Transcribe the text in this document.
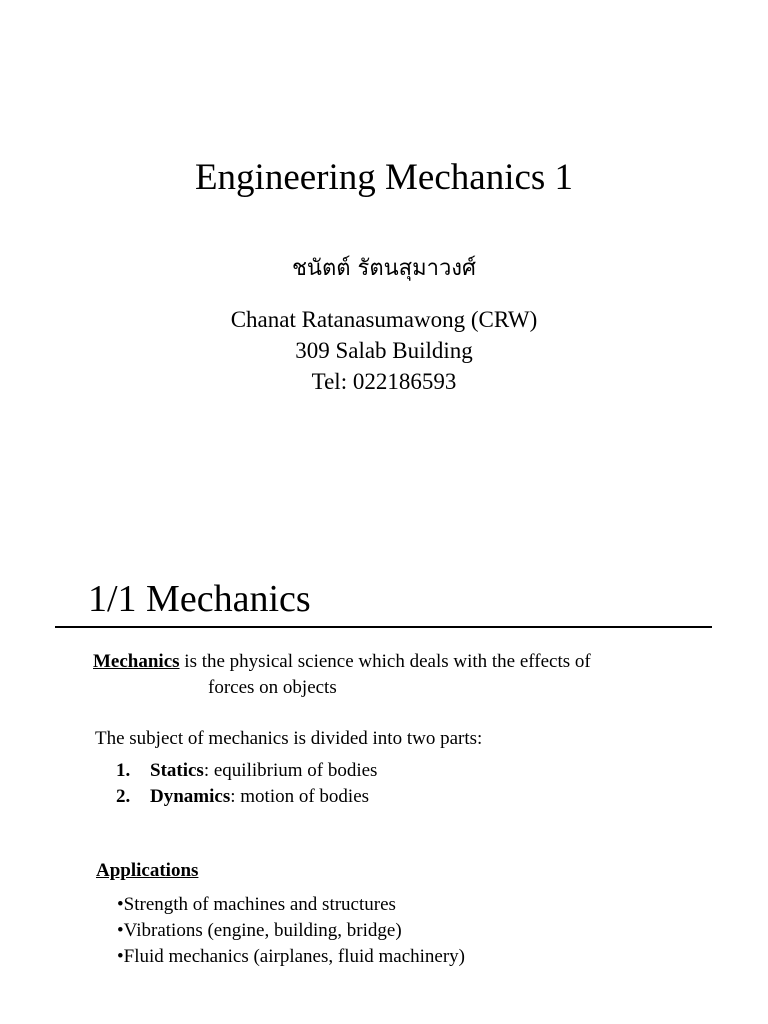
Engineering Mechanics 1
ชนัตต์ รัตนสุมาวงศ์
Chanat Ratanasumawong (CRW)
309 Salab Building
Tel: 022186593
1/1 Mechanics
Mechanics is the physical science which deals with the effects of
forces on objects
The subject of mechanics is divided into two parts:
1. Statics: equilibrium of bodies
2. Dynamics: motion of bodies
Applications
•Strength of machines and structures
•Vibrations (engine, building, bridge)
•Fluid mechanics (airplanes, fluid machinery)
